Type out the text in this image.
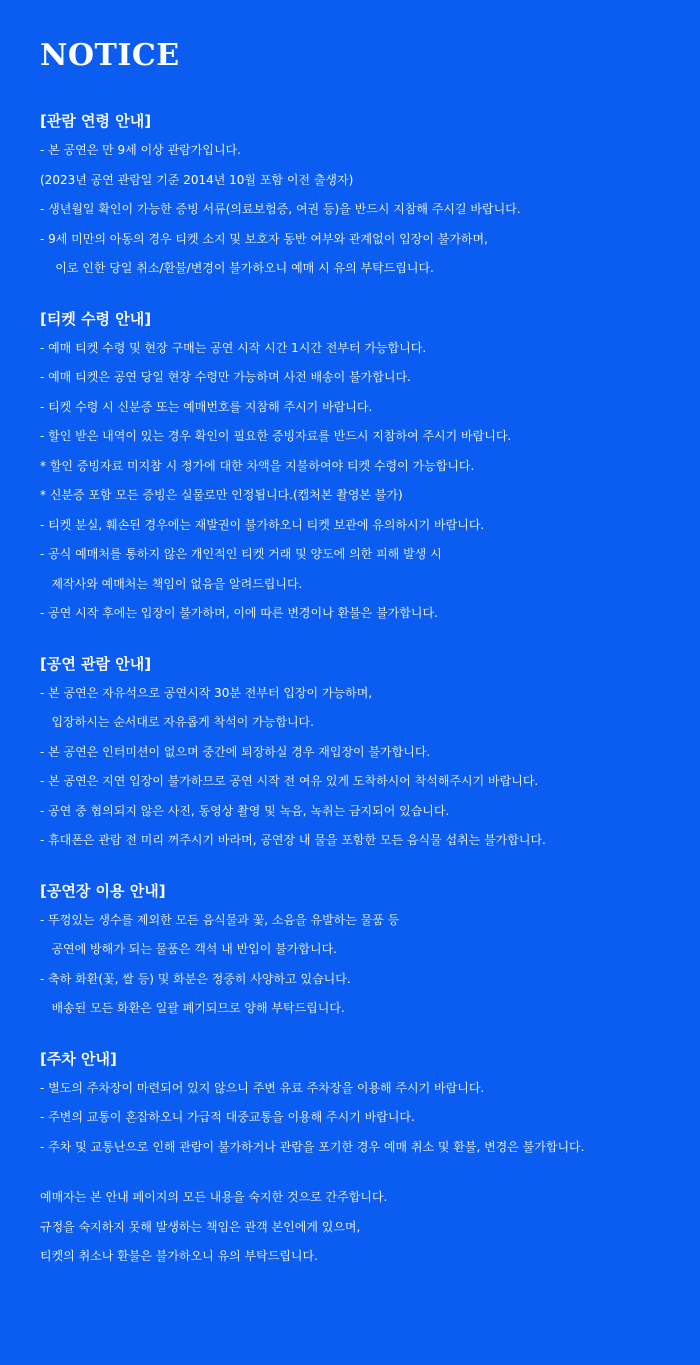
NOTICE

[관람 연령 안내]

- 본 공연은 만 9세 이상 관람가입니다.

(2023년 공연 관람일 기준 2014년 10월 포함 이전 출생자)

- 생년월일 확인이 가능한 증빙 서류(의료보험증, 여권 등)을 반드시 지참해 주시길 바랍니다.

- 9세 미만의 아동의 경우 티켓 소지 및 보호자 동반 여부와 관계없이 입장이 불가하며,

이로 인한 당일 취소/환불/변경이 불가하오니 예매 시 유의 부탁드립니다.

[티켓 수령 안내]

- 예매 티켓 수령 및 현장 구매는 공연 시작 시간 1시간 전부터 가능합니다.

- 예매 티켓은 공연 당일 현장 수령만 가능하며 사전 배송이 불가합니다.

- 티켓 수령 시 신분증 또는 예매번호를 지참해 주시기 바랍니다.

- 할인 받은 내역이 있는 경우 확인이 필요한 증빙자료를 반드시 지참하여 주시기 바랍니다.

* 할인 증빙자료 미지참 시 정가에 대한 차액을 지불하여야 티켓 수령이 가능합니다.

* 신분증 포함 모든 증빙은 실물로만 인정됩니다.(캡처본 촬영본 불가)

- 티켓 분실, 훼손된 경우에는 재발권이 불가하오니 티켓 보관에 유의하시기 바랍니다.

- 공식 예매처를 통하지 않은 개인적인 티켓 거래 및 양도에 의한 피해 발생 시

제작사와 예매처는 책임이 없음을 알려드립니다.

- 공연 시작 후에는 입장이 불가하며, 이에 따른 변경이나 환불은 불가합니다.

[공연 관람 안내]

- 본 공연은 자유석으로 공연시작 30분 전부터 입장이 가능하며,

입장하시는 순서대로 자유롭게 착석이 가능합니다.

- 본 공연은 인터미션이 없으며 중간에 퇴장하실 경우 재입장이 불가합니다.

- 본 공연은 지연 입장이 불가하므로 공연 시작 전 여유 있게 도착하시어 착석해주시기 바랍니다.

- 공연 중 협의되지 않은 사진, 동영상 촬영 및 녹음, 녹취는 금지되어 있습니다.

- 휴대폰은 관람 전 미리 꺼주시기 바라며, 공연장 내 물을 포함한 모든 음식물 섭취는 불가합니다.

[공연장 이용 안내]

- 뚜껑있는 생수를 제외한 모든 음식물과 꽃, 소음을 유발하는 물품 등

공연에 방해가 되는 물품은 객석 내 반입이 불가합니다.

- 축하 화환(꽃, 쌀 등) 및 화분은 정중히 사양하고 있습니다.

배송된 모든 화환은 일괄 폐기되므로 양해 부탁드립니다.

[주차 안내]

- 별도의 주차장이 마련되어 있지 않으니 주변 유료 주차장을 이용해 주시기 바랍니다.

- 주변의 교통이 혼잡하오니 가급적 대중교통을 이용해 주시기 바랍니다.

- 주차 및 교통난으로 인해 관람이 불가하거나 관람을 포기한 경우 예매 취소 및 환불, 변경은 불가합니다.

예매자는 본 안내 페이지의 모든 내용을 숙지한 것으로 간주합니다.

규정을 숙지하지 못해 발생하는 책임은 관객 본인에게 있으며,

티켓의 취소나 환불은 불가하오니 유의 부탁드립니다.
